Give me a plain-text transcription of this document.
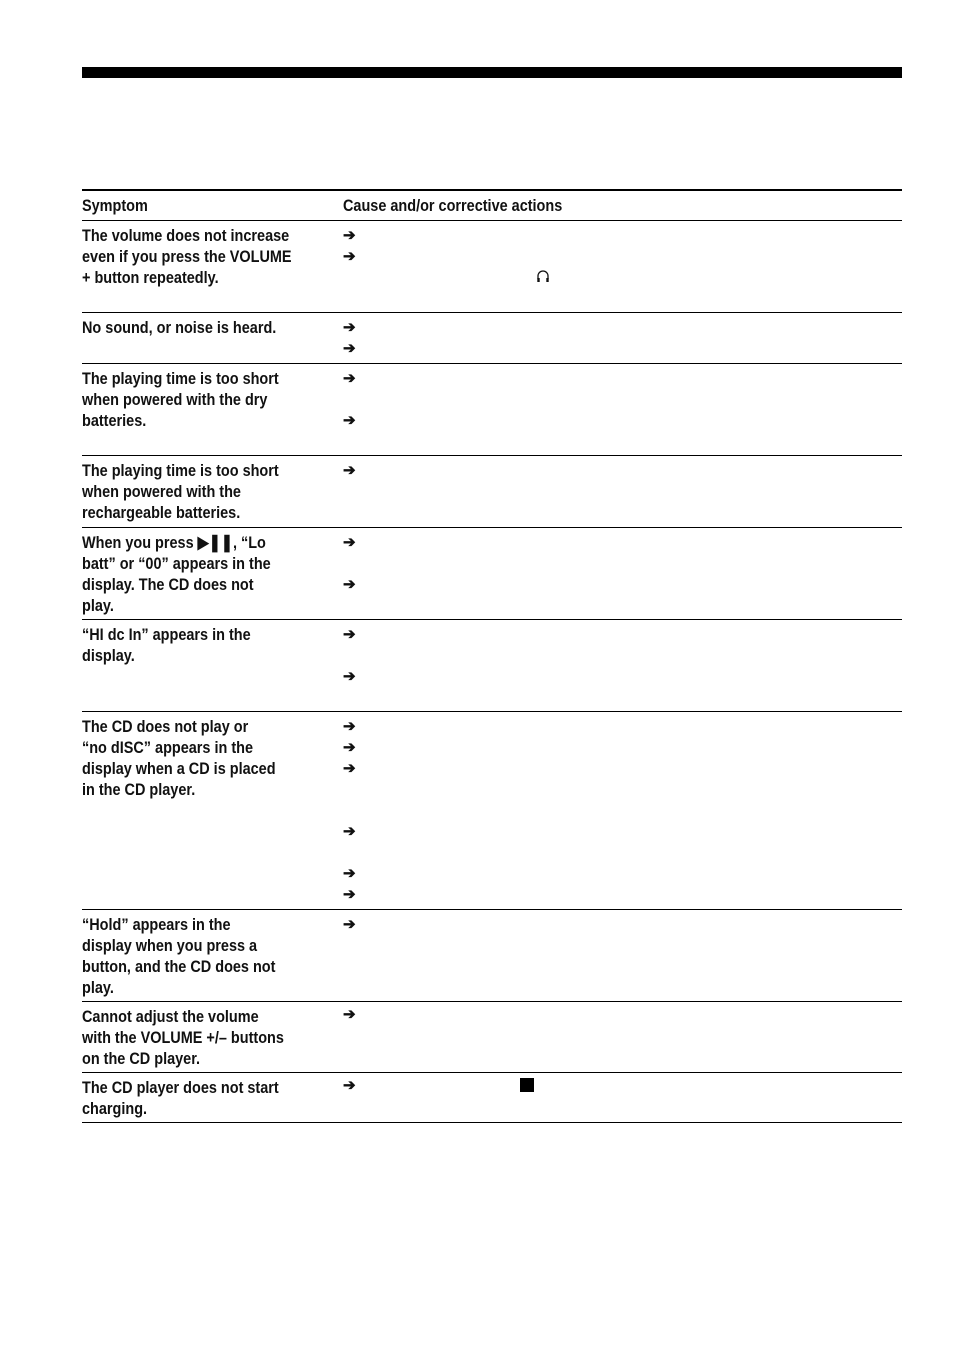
Symptom	Cause and/or corrective actions
The volume does not increase
even if you press the VOLUME
+ button repeatedly.
➔
➔
No sound, or noise is heard.	➔
➔
The playing time is too short
when powered with the dry
batteries.
➔
➔
The playing time is too short
when powered with the
rechargeable batteries.
➔
When you press ▶❚❚, “Lo
batt” or “00” appears in the
display. The CD does not
play.
➔
➔
“HI dc In” appears in the
display.
➔
➔
The CD does not play or
“no dISC” appears in the
display when a CD is placed
in the CD player.
➔
➔
➔
➔
➔
➔
“Hold” appears in the
display when you press a
button, and the CD does not
play.
➔
Cannot adjust the volume
with the VOLUME +/– buttons
on the CD player.
➔
The CD player does not start
charging.
➔
